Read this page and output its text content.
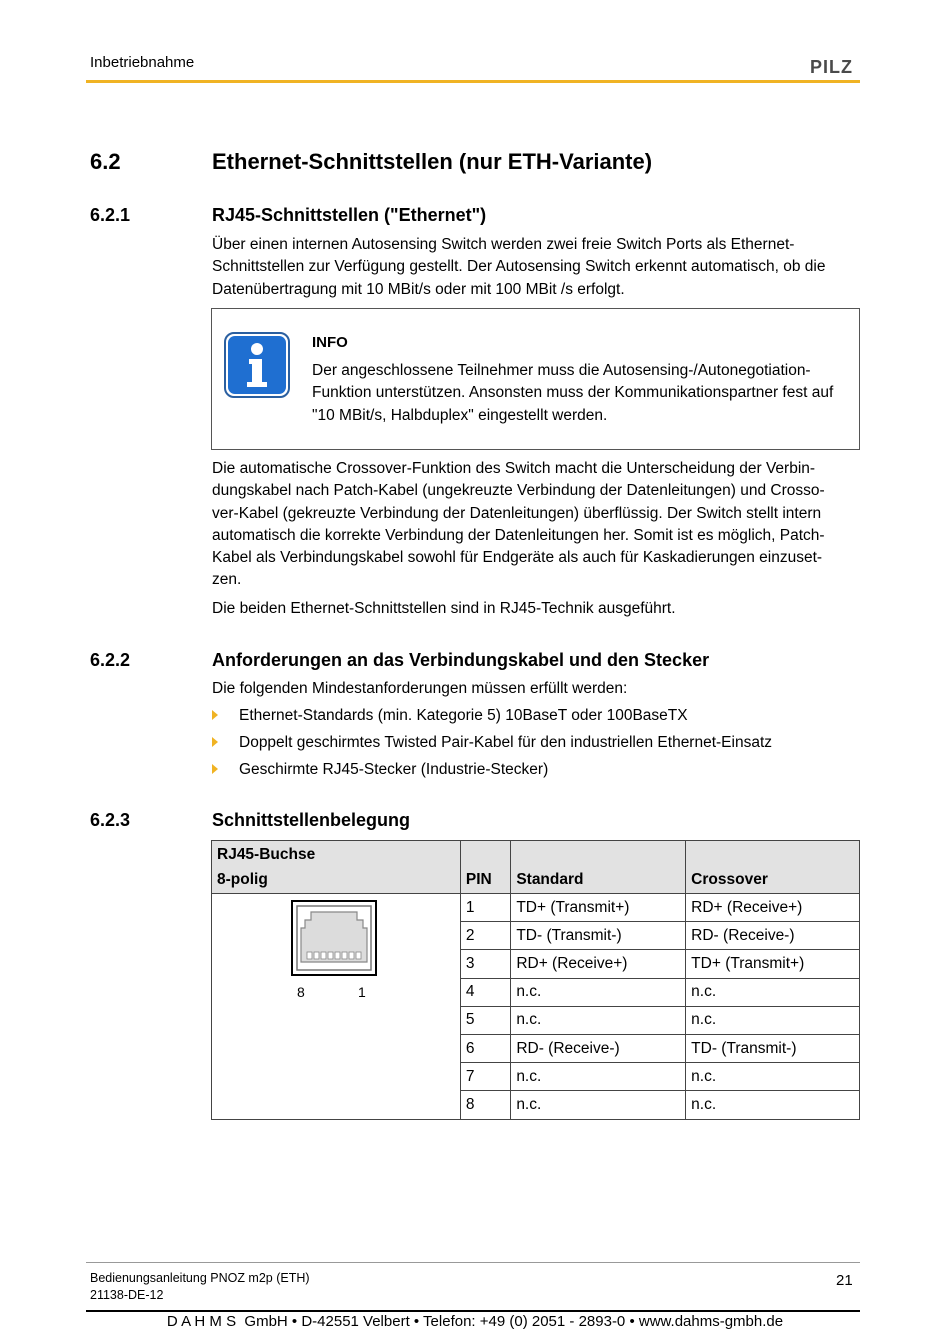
Inbetriebnahme	PILZ
6.2	Ethernet-Schnittstellen (nur ETH-Variante)
6.2.1	RJ45-Schnittstellen ("Ethernet")

Über einen internen Autosensing Switch werden zwei freie Switch Ports als Ethernet-

Schnittstellen zur Verfügung gestellt. Der Autosensing Switch erkennt automatisch, ob die

Datenübertragung mit 10 MBit/s oder mit 100 MBit /s erfolgt.

INFO
Der angeschlossene Teilnehmer muss die Autosensing-/Autonegotiation-
Funktion unterstützen. Ansonsten muss der Kommunikationspartner fest auf
"10 MBit/s, Halbduplex" eingestellt werden.

Die automatische Crossover-Funktion des Switch macht die Unterscheidung der Verbin-

dungskabel nach Patch-Kabel (ungekreuzte Verbindung der Datenleitungen) und Crosso-

ver-Kabel (gekreuzte Verbindung der Datenleitungen) überflüssig. Der Switch stellt intern

automatisch die korrekte Verbindung der Datenleitungen her. Somit ist es möglich, Patch-

Kabel als Verbindungskabel sowohl für Endgeräte als auch für Kaskadierungen einzuset-

zen.

Die beiden Ethernet-Schnittstellen sind in RJ45-Technik ausgeführt.
6.2.2	Anforderungen an das Verbindungskabel und den Stecker
Die folgenden Mindestanforderungen müssen erfüllt werden:
Ethernet-Standards (min. Kategorie 5) 10BaseT oder 100BaseTX
Doppelt geschirmtes Twisted Pair-Kabel für den industriellen Ethernet-Einsatz
Geschirmte RJ45-Stecker (Industrie-Stecker)
6.2.3	Schnittstellenbelegung
RJ45-Buchse
8-polig	PIN	Standard	Crossover

8 1	1	TD+ (Transmit+)	RD+ (Receive+)
	2	TD- (Transmit-)	RD- (Receive-)
	3	RD+ (Receive+)	TD+ (Transmit+)
	4	n.c.	n.c.
	5	n.c.	n.c.
	6	RD- (Receive-)	TD- (Transmit-)
	7	n.c.	n.c.
	8	n.c.	n.c.
Bedienungsanleitung PNOZ m2p (ETH)
21138-DE-12
21
D A H M S  GmbH • D-42551 Velbert • Telefon: +49 (0) 2051 - 2893-0 • www.dahms-gmbh.de
